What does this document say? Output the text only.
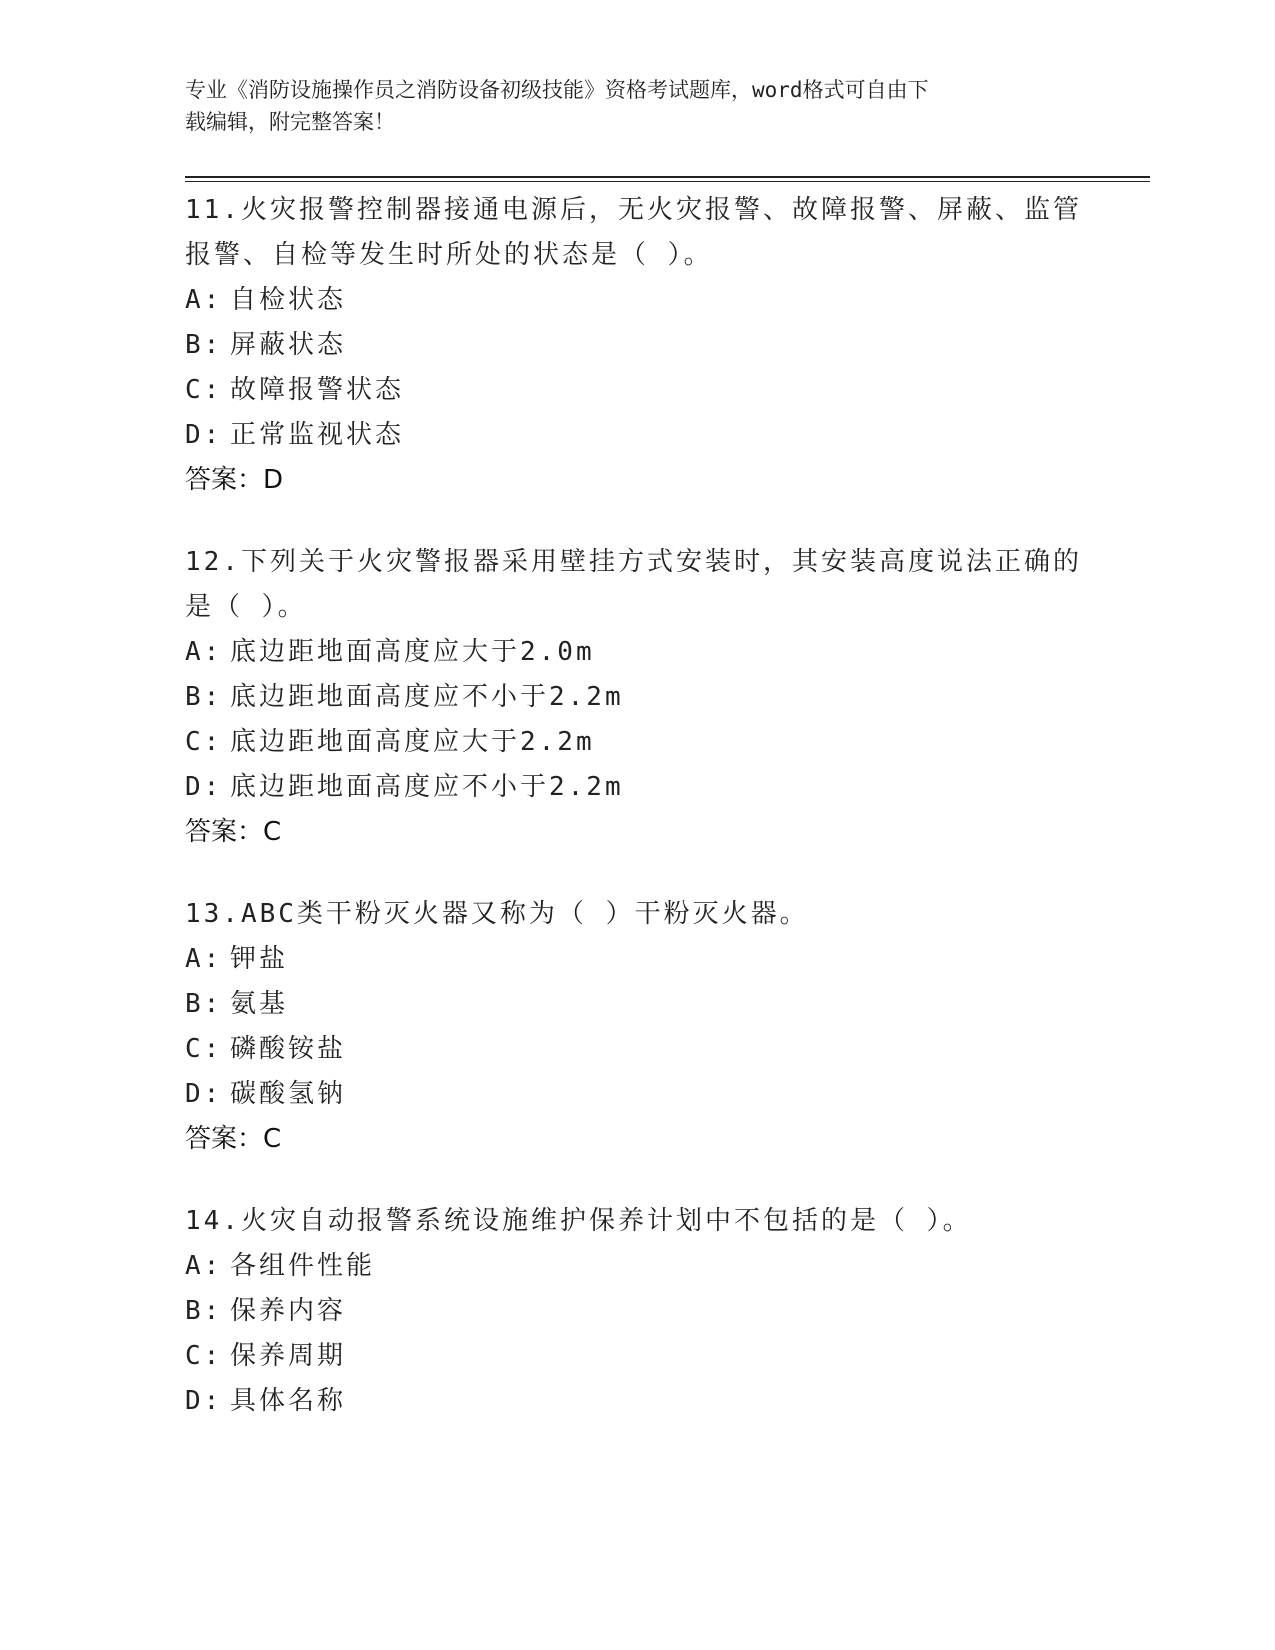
专业《消防设施操作员之消防设备初级技能》资格考试题库，word格式可自由下
载编辑，附完整答案！
11.火灾报警控制器接通电源后，无火灾报警、故障报警、屏蔽、监管报警、自检等发生时所处的状态是（ ）。
A: 自检状态
B: 屏蔽状态
C: 故障报警状态
D: 正常监视状态
答案：D
12.下列关于火灾警报器采用壁挂方式安装时，其安装高度说法正确的是（ ）。
A: 底边距地面高度应大于2.0m
B: 底边距地面高度应不小于2.2m
C: 底边距地面高度应大于2.2m
D: 底边距地面高度应不小于2.2m
答案：C
13.ABC类干粉灭火器又称为（ ）干粉灭火器。
A: 钾盐
B: 氨基
C: 磷酸铵盐
D: 碳酸氢钠
答案：C
14.火灾自动报警系统设施维护保养计划中不包括的是（ ）。
A: 各组件性能
B: 保养内容
C: 保养周期
D: 具体名称
